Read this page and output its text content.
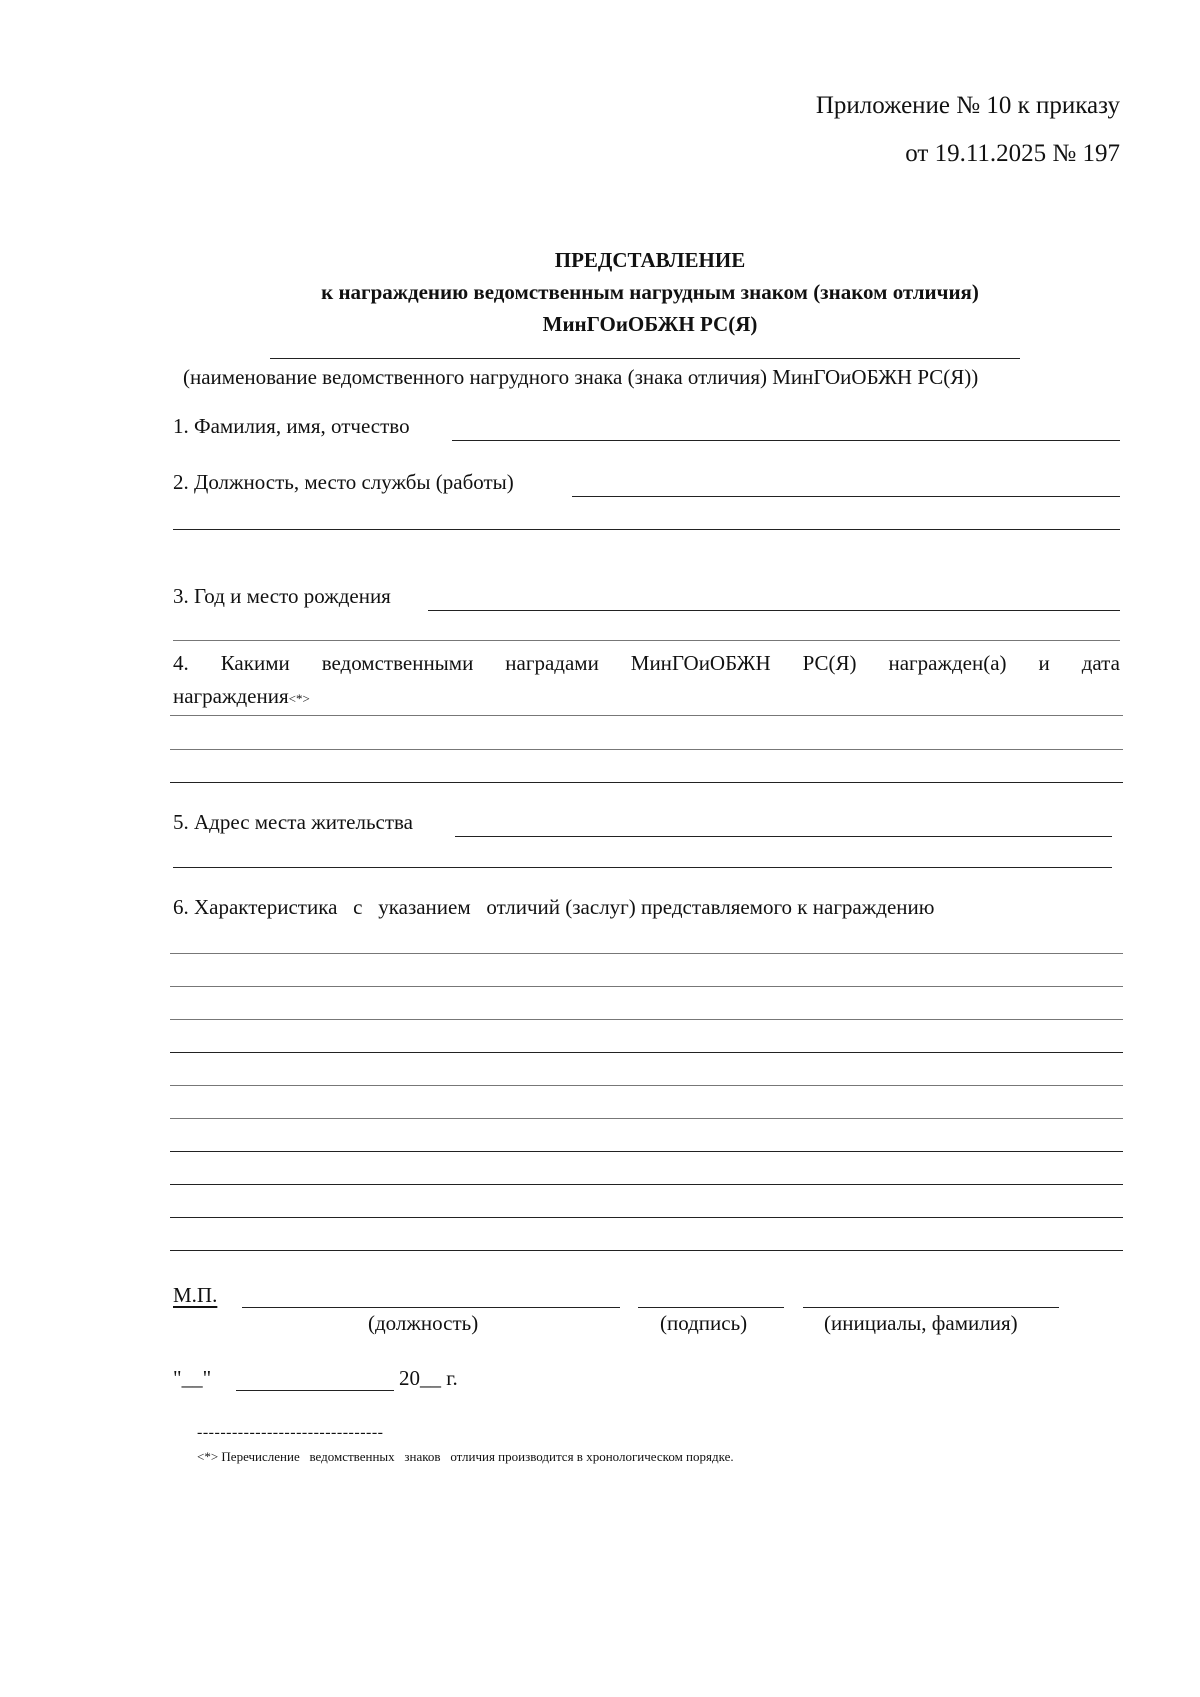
Приложение № 10 к приказу
от 19.11.2025 № 197
ПРЕДСТАВЛЕНИЕ
к награждению ведомственным нагрудным знаком (знаком отличия)
МинГОиОБЖН РС(Я)
(наименование ведомственного нагрудного знака (знака отличия) МинГОиОБЖН РС(Я))
1. Фамилия, имя, отчество
2. Должность, место службы (работы)
3. Год и место рождения
4. Какими ведомственными наградами МинГОиОБЖН РС(Я) награжден(а) и дата
награждения<*>
5. Адрес места жительства
6. Характеристика   с   указанием   отличий (заслуг) представляемого к награждению
М.П.
(должность)	(подпись)	(инициалы, фамилия)
"__"	20__ г.
--------------------------------
<*> Перечисление   ведомственных   знаков   отличия производится в хронологическом порядке.
